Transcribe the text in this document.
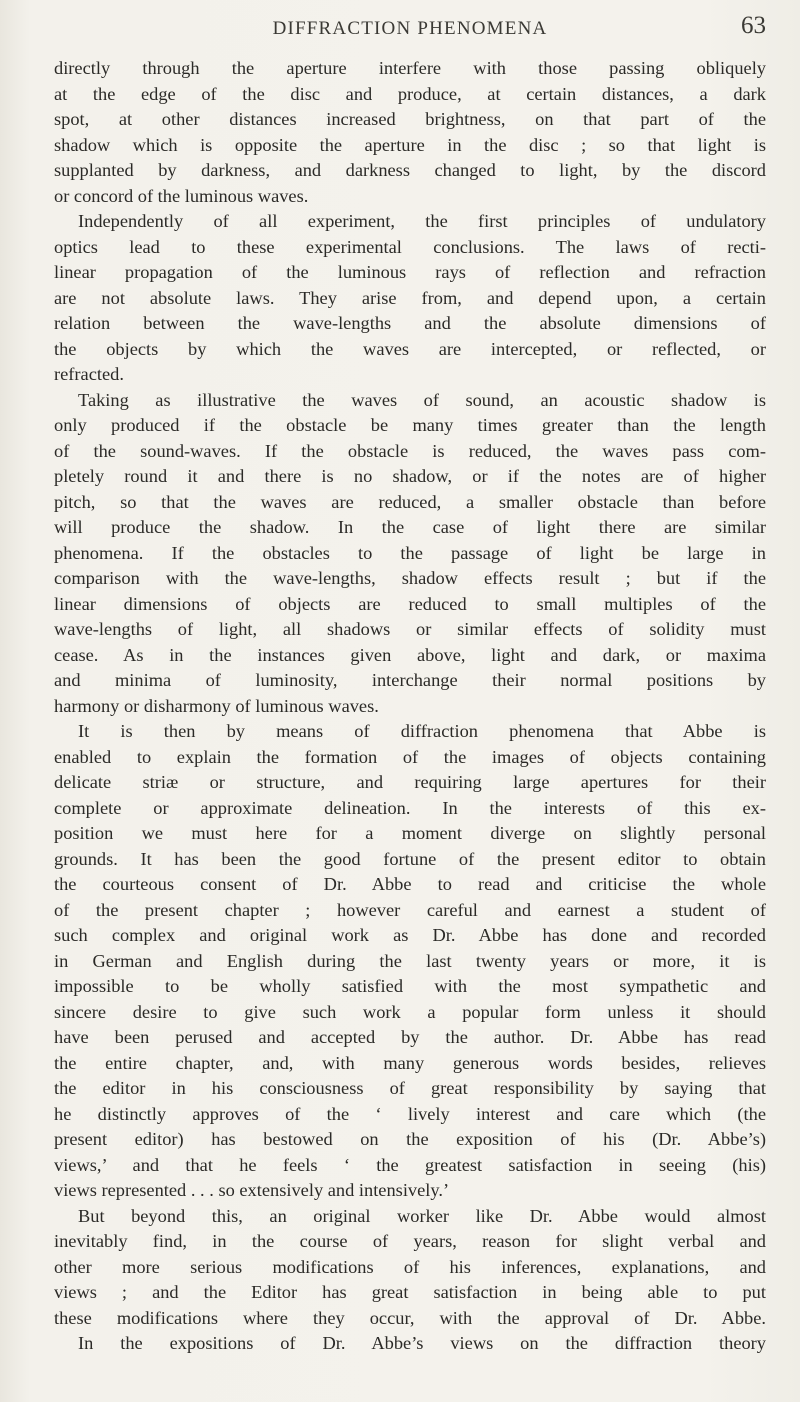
DIFFRACTION PHENOMENA	63
directly through the aperture interfere with those passing obliquely
at the edge of the disc and produce, at certain distances, a dark
spot, at other distances increased brightness, on that part of the
shadow which is opposite the aperture in the disc ; so that light is
supplanted by darkness, and darkness changed to light, by the discord
or concord of the luminous waves.
Independently of all experiment, the first principles of undulatory
optics lead to these experimental conclusions. The laws of recti-
linear propagation of the luminous rays of reflection and refraction
are not absolute laws. They arise from, and depend upon, a certain
relation between the wave-lengths and the absolute dimensions of
the objects by which the waves are intercepted, or reflected, or
refracted.
Taking as illustrative the waves of sound, an acoustic shadow is
only produced if the obstacle be many times greater than the length
of the sound-waves. If the obstacle is reduced, the waves pass com-
pletely round it and there is no shadow, or if the notes are of higher
pitch, so that the waves are reduced, a smaller obstacle than before
will produce the shadow. In the case of light there are similar
phenomena. If the obstacles to the passage of light be large in
comparison with the wave-lengths, shadow effects result ; but if the
linear dimensions of objects are reduced to small multiples of the
wave-lengths of light, all shadows or similar effects of solidity must
cease. As in the instances given above, light and dark, or maxima
and minima of luminosity, interchange their normal positions by
harmony or disharmony of luminous waves.
It is then by means of diffraction phenomena that Abbe is
enabled to explain the formation of the images of objects containing
delicate striæ or structure, and requiring large apertures for their
complete or approximate delineation. In the interests of this ex-
position we must here for a moment diverge on slightly personal
grounds. It has been the good fortune of the present editor to obtain
the courteous consent of Dr. Abbe to read and criticise the whole
of the present chapter ; however careful and earnest a student of
such complex and original work as Dr. Abbe has done and recorded
in German and English during the last twenty years or more, it is
impossible to be wholly satisfied with the most sympathetic and
sincere desire to give such work a popular form unless it should
have been perused and accepted by the author. Dr. Abbe has read
the entire chapter, and, with many generous words besides, relieves
the editor in his consciousness of great responsibility by saying that
he distinctly approves of the ‘ lively interest and care which (the
present editor) has bestowed on the exposition of his (Dr. Abbe’s)
views,’ and that he feels ‘ the greatest satisfaction in seeing (his)
views represented . . . so extensively and intensively.’
But beyond this, an original worker like Dr. Abbe would almost
inevitably find, in the course of years, reason for slight verbal and
other more serious modifications of his inferences, explanations, and
views ; and the Editor has great satisfaction in being able to put
these modifications where they occur, with the approval of Dr. Abbe.
In the expositions of Dr. Abbe’s views on the diffraction theory
